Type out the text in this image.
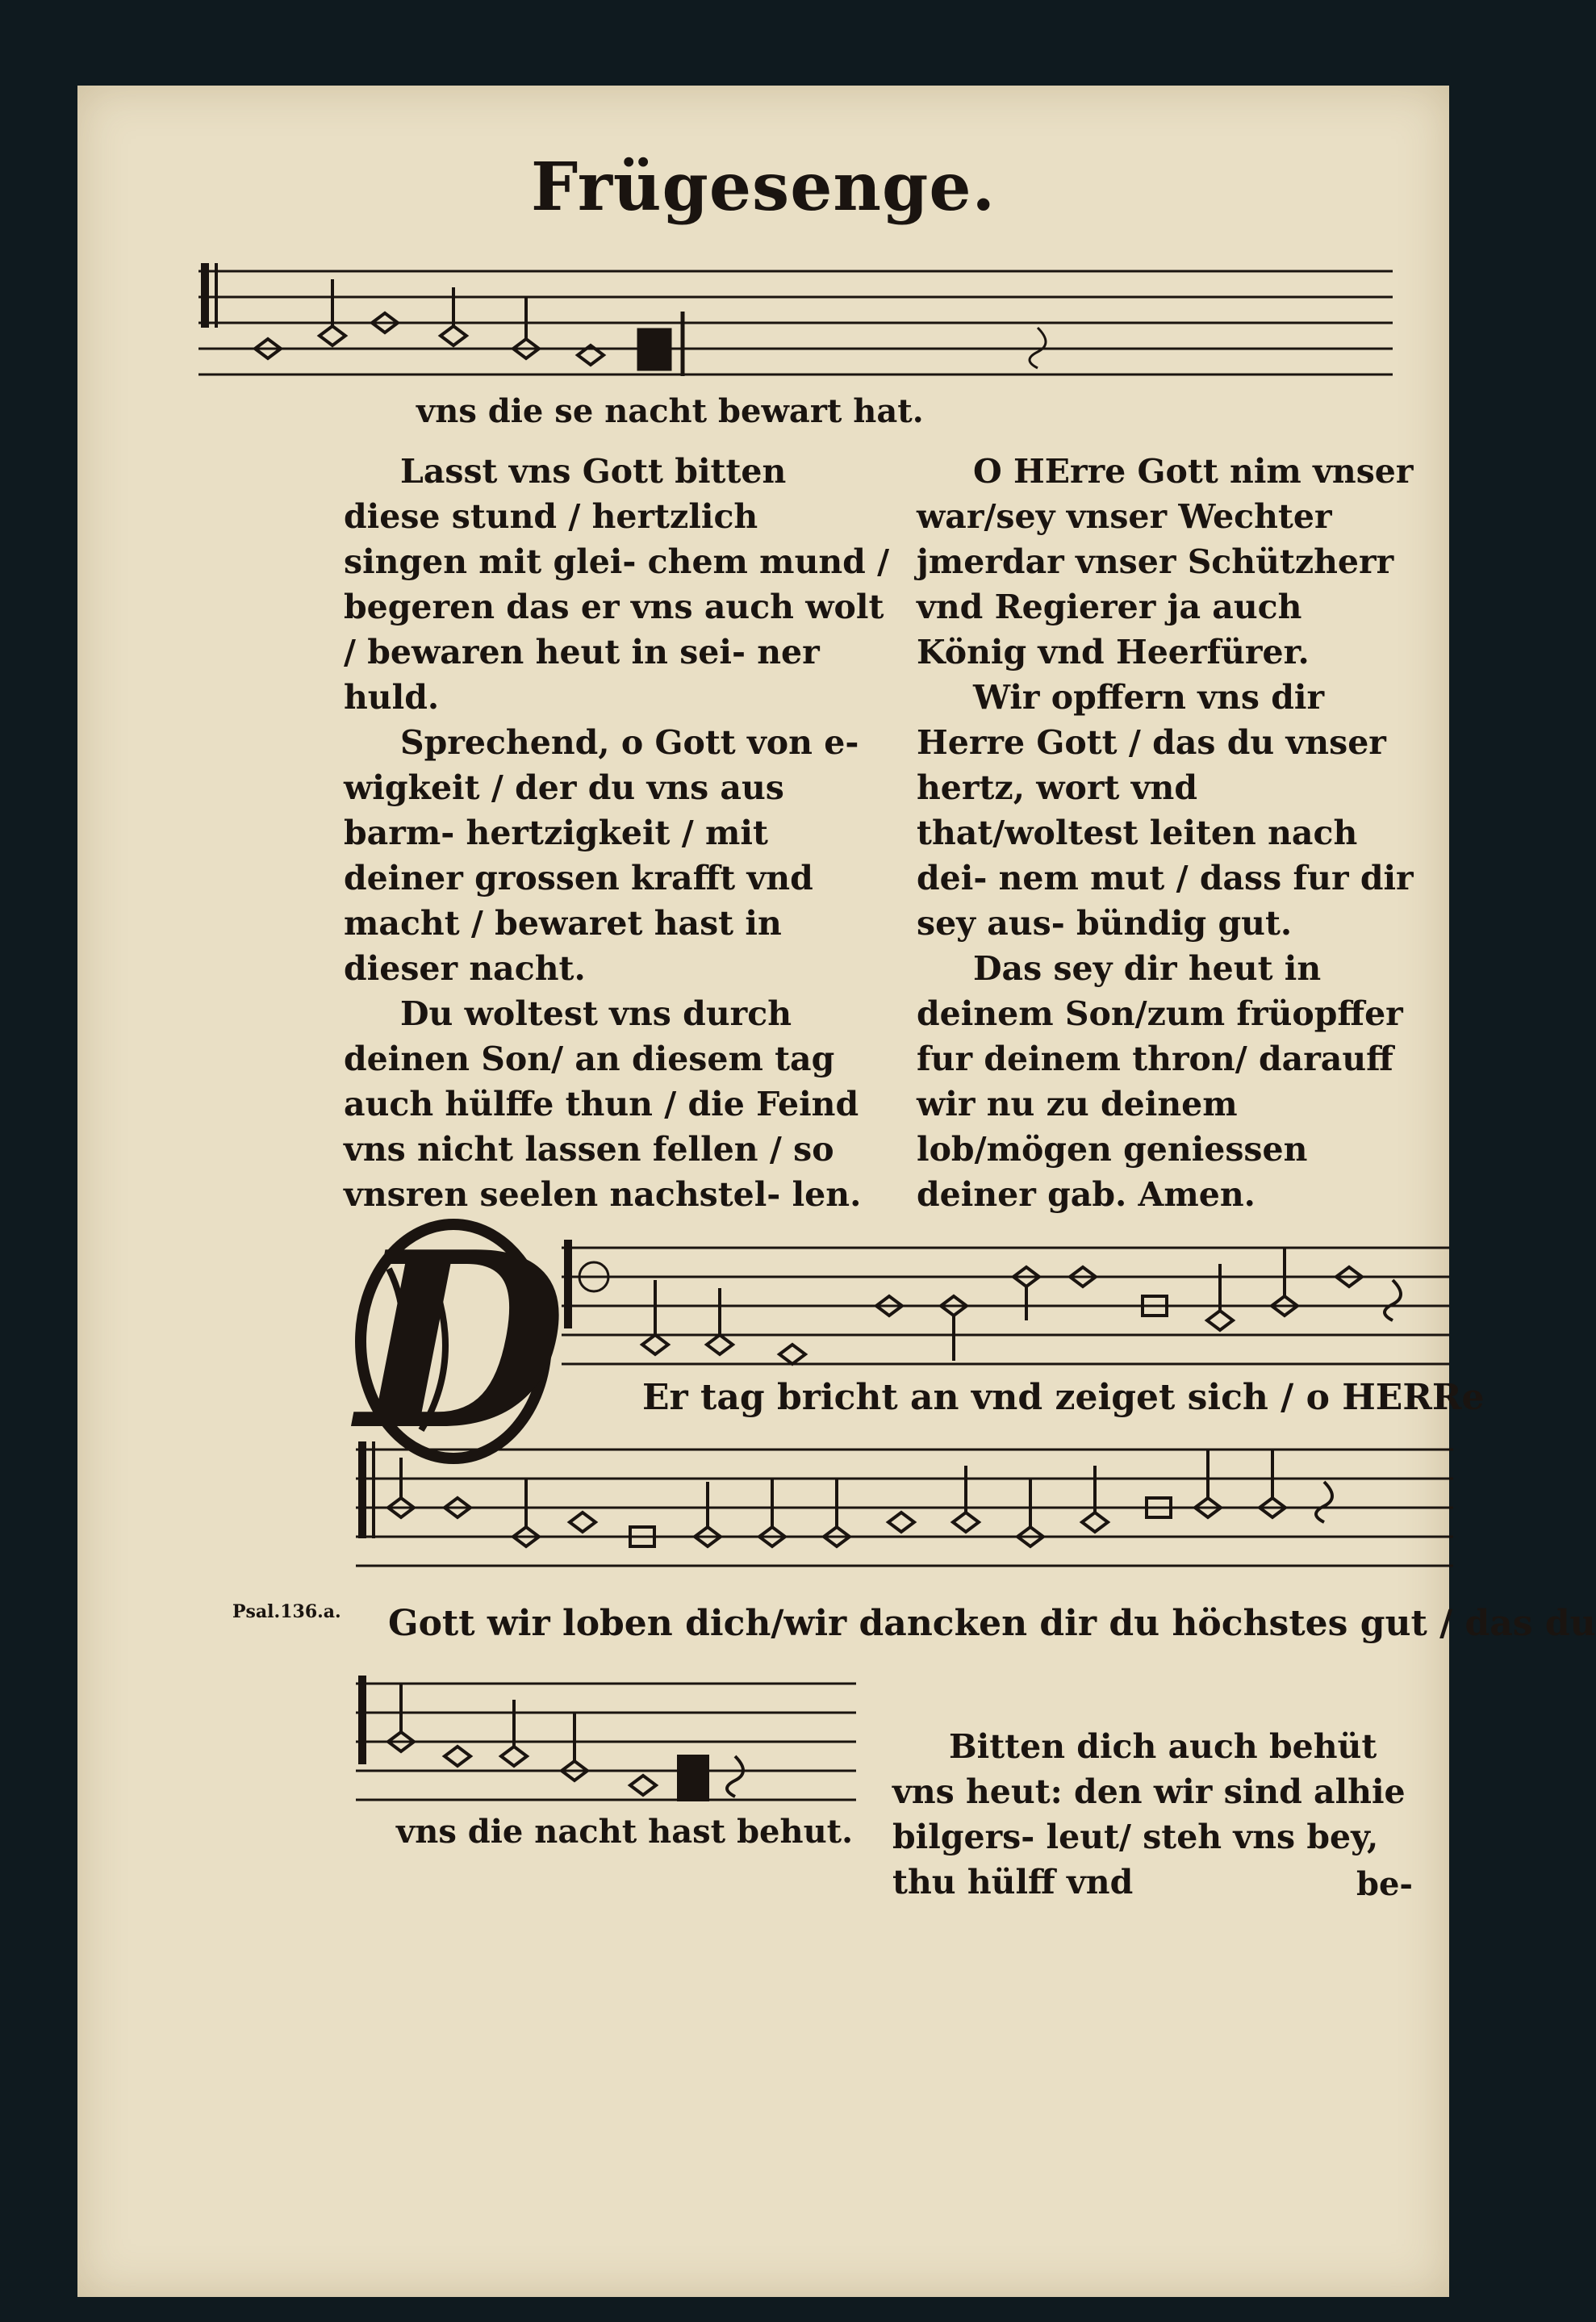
Frügesenge.
vns die se nacht bewart hat.

Lasst vns Gott bitten diese stund / hertzlich singen mit glei- chem mund / begeren das er vns auch wolt / bewaren heut in sei- ner huld.

Sprechend, o Gott von e- wigkeit / der du vns aus barm- hertzigkeit / mit deiner grossen krafft vnd macht / bewaret hast in dieser nacht.

Du woltest vns durch deinen Son/ an diesem tag auch hülffe thun / die Feind vns nicht lassen fellen / so vnsren seelen nachstel- len.

O HErre Gott nim vnser war/sey vnser Wechter jmerdar vnser Schützherr vnd Regierer ja auch König vnd Heerfürer.

Wir opffern vns dir Herre Gott / das du vnser hertz, wort vnd that/woltest leiten nach dei- nem mut / dass fur dir sey aus- bündig gut.

Das sey dir heut in deinem Son/zum früopffer fur deinem thron/ darauff wir nu zu deinem lob/mögen geniessen deiner gab. Amen.

D Er tag bricht an vnd zeiget sich / o HERRe
Psal.136.a. Gott wir loben dich/wir dancken dir du höchstes gut / das du
vns die nacht hast behut.

Bitten dich auch behüt vns heut: den wir sind alhie bilgers- leut/ steh vns bey, thu hülff vnd	be-
